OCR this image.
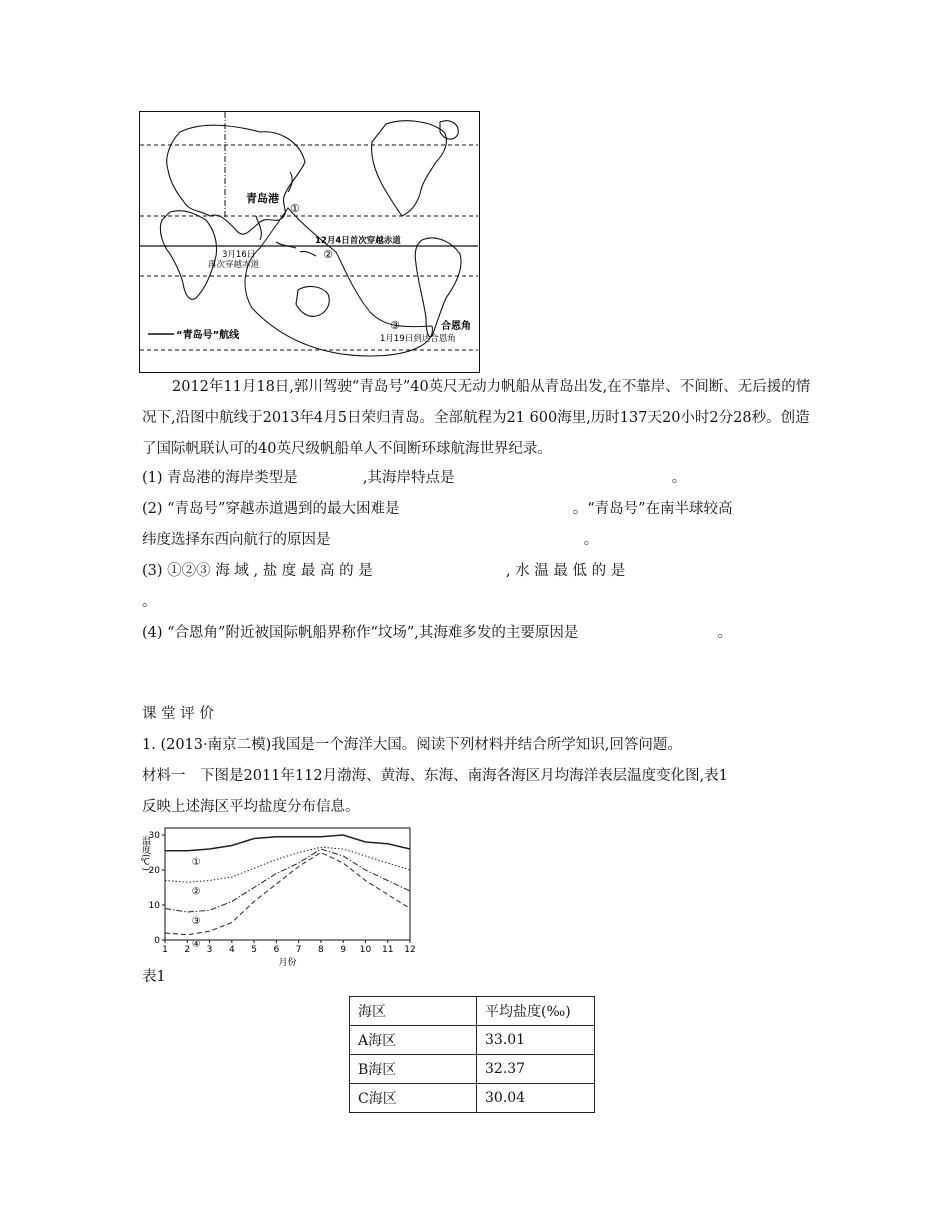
青岛港
①
②
③
12月4日首次穿越赤道
3月16日
再次穿越赤道
合恩角
1月19日到达合恩角
“青岛号”航线
2012年11月18日,郭川驾驶“青岛号”40英尺无动力帆船从青岛出发,在不靠岸、不间断、无后援的情况下,沿图中航线于2013年4月5日荣归青岛。全部航程为21 600海里,历时137天20小时2分28秒。创造了国际帆联认可的40英尺级帆船单人不间断环球航海世界纪录。
(1) 青岛港的海岸类型是	,其海岸特点是	。
(2) “青岛号”穿越赤道遇到的最大困难是	。“青岛号”在南半球较高
纬度选择东西向航行的原因是	。
(3) ①②③ 海 域 , 盐 度 最 高 的 是	, 水 温 最 低 的 是
。
(4) “合恩角”附近被国际帆船界称作“坟场”,其海难多发的主要原因是	。
课 堂 评 价
1. (2013·南京二模)我国是一个海洋大国。阅读下列材料并结合所学知识,回答问题。
材料一　下图是2011年112月渤海、黄海、东海、南海各海区月均海洋表层温度变化图,表1
反映上述海区平均盐度分布信息。
0
10
20
30
1 2 3 4 5 6 7 8 9 10 11 12
月份
温度(℃)	①
②
③
④
表1
海区	平均盐度(‰)
A海区	33.01
B海区	32.37
C海区	30.04
